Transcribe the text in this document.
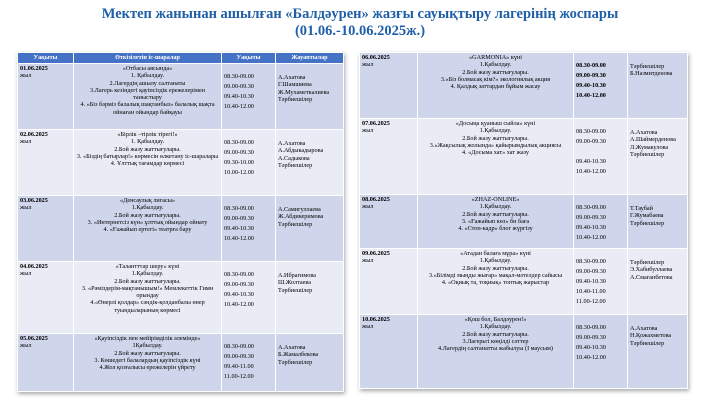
Мектеп жанынан ашылған «Балдәурен» жазғы сауықтыру лагерінің жоспары
(01.06.-10.06.2025ж.)
Уақыты	Өткізілетін іс-шаралар	Уақыты	Жауаптылар

01.06.2025
жыл	«Отбасы аясында»
1. Қабылдау.
2.Лагердің ашылу салтанаты
3.Лагерь кезіндегі қауіпсіздік ережелерімен таныстыру
4. «Біз бәрміз балалық шақтанбыз» балалық шақта ойнаған ойындар байқауы	08.30-09.00
09.00-09.30
09.40-10.30
10.40-12.00	А.Ахатова
Г.Шамшиева
Ж.Мухаметкалиева
Тәрбиешілер

02.06.2025
жыл	«Бірлік –тірлік тірегі!»
1. Қабылдау.
2.Бой жазу жаттығулары.
3. «Біздің батырлар!» көрмесін өлкетану іс-шаралары
4. Ұлттық тағамдар көрмесі	08.30-09.00
09.00-09.30
09.30-10.00
10.00-12.00	А.Ахатова
А.Абдыкадырова
А.Садыкова
Тәрбиешілер

03.06.2025
жыл	«Денсаулық лигасы»
1.Қабылдау.
2.Бой жазу жаттығулары.
3. «Интернетсіз күн» ұлттық ойындар ойнату
4. «Ғажайып ертегі» театрға бару	08.30-09.00
09.00-09.30
09.40-10.30
10.40-12.00	А.Самигуллаева
Ж.Абдикеримова
Тәрбиешілер

04.06.2025
жыл	«Талантттар шеру» күні
1.Қабылдау.
2.Бой жазу жаттығулары.
3. «Рәміздерім-мақтанышым!» Мемлекеттік Гимн орындау
4.«Өнерлі қолдар» сәндік-қолданбалы өнер туындыларының көрмесі	08.30-09.00
09.00-09.30
09.40-10.30
10.40-12.00	А.Ибрагимова
Ш.Жолтаева
Тәрбиешілер

05.06.2025
жыл	«Қауіпсіздік пен мейірімділік әлемінде»
1Қабылдау.
2.Бой жазу жаттығулары.
3. Көшедегі балалардың қауіпсіздік күні
4.Жол қозғалысы ережелерін үйрету	08.30-09.00
09.00-09.30
09.40-11.00
11.00-12.00	А.Ахатова
Б.Жамалбекова
Тәрбиешілер
06.06.2025
жыл	«GARMONIA» күні
1.Қабылдау.
2.Бой жазу жаттығулары.
3.«Біз болмасақ кім?» экологиялық акция
4. Қалдық заттардан бұйым жасау	08.30-09.00
09.00-09.30
09.40-10.30
10.40-12.00	Тәрбиешілер
Б.Назмитденова

07.06.2025
жыл	«Досыңа қуаныш сыйла» күні
1.Қабылдау.
2.Бой жазу жаттығулары.
3.«Жақсылық жолында» қайырымдылық акциясы
4. «Досыма хат» хат жазу	08.30-09.00
09.00-09.30

09.40-10.30
10.40-12.00	А.Ахатова
А.Шаймерденова
Л.Жумакулова
Тәрбиешілер

08.06.2025
жыл	«ZHAZ-ONLINE»
1.Қабылдау.
2.Бой жазу жаттығулары.
3. «Ғажайып көз» бн баға
4. «Стоп-кадр» блог жүргізу	08.30-09.00
09.00-09.30
09.40-10.30
10.40-12.00	Т.Таубай
Г.Жумабаева
Тәрбиешілер

09.06.2025
жыл	«Атадан балаға мұра» күні
1.Қабылдау.
2.Бой жазу жаттығулары.
3.«Білімді мыңды жығар» мақал-мәтелдер сайысы
4. «Оқиық та, тоқиық» топтық жарыстар	08.30-09.00
09.00-09.30
09.40-10.30
10.40-11.00
11.00-12.00	Тәрбиешілер
Э.Хабибуллаева
А.Смағанбетова

10.06.2025
жыл	«Қош бол, Балдәурен!»
1.Қабылдау.
2.Бой жазу жаттығулары.
3.Лагерьгі көңілді сәттер
4.Лагердің салтанатты жабылуы (І маусым)	08.30-09.00
09.00-09.30
09.40-10.30
10.40-12.00	А.Ахатова
Н.Қожахметова
Тәрбиешілер
